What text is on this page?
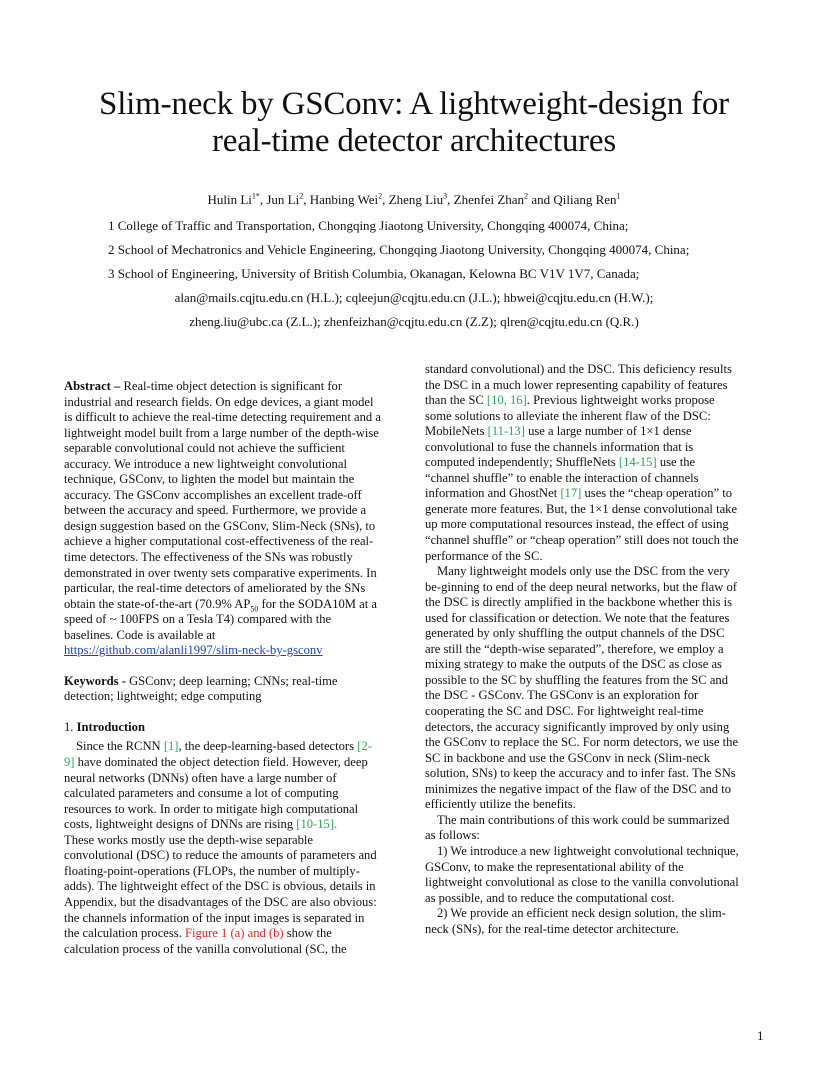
Slim-neck by GSConv: A lightweight-design for
real-time detector architectures
Hulin $Li^{1*}$, Jun Li$^2$, Hanbing Wei$^2$, Zheng Liu$^3$, Zhenfei Zhan$^2$ and Qiliang Ren$^1$
1 College of Traffic and Transportation, Chongqing Jiaotong University, Chongqing 400074, China;
2 School of Mechatronics and Vehicle Engineering, Chongqing Jiaotong University, Chongqing 400074, China;
3 School of Engineering, University of British Columbia, Okanagan, Kelowna BC V1V 1V7, Canada;
alan@mails.cqjtu.edu.cn (H.L.); cqleejun@cqjtu.edu.cn (J.L.); hbwei@cqjtu.edu.cn (H.W.);
zheng.liu@ubc.ca (Z.L.); zhenfeizhan@cqjtu.edu.cn (Z.Z); qlren@cqjtu.edu.cn (Q.R.)
Abstract – Real-time object detection is significant for
industrial and research fields. On edge devices, a giant model
is difficult to achieve the real-time detecting requirement and a
lightweight model built from a large number of the depth-wise
separable convolutional could not achieve the sufficient
accuracy. We introduce a new lightweight convolutional
technique, GSConv, to lighten the model but maintain the
accuracy. The GSConv accomplishes an excellent trade-off
between the accuracy and speed. Furthermore, we provide a
design suggestion based on the GSConv, Slim-Neck (SNs), to
achieve a higher computational cost-effectiveness of the real-
time detectors. The effectiveness of the SNs was robustly
demonstrated in over twenty sets comparative experiments. In
particular, the real-time detectors of ameliorated by the SNs
obtain the state-of-the-art (70.9% $AP_{50}$ for the SODA10M at a
speed of ~ 100FPS on a Tesla T4) compared with the
baselines. Code is available at
https://github.com/alanli1997/slim-neck-by-gsconv
Keywords - GSConv; deep learning; CNNs; real-time
detection; lightweight; edge computing
1. Introduction
Since the RCNN [1], the deep-learning-based detectors [2-
9] have dominated the object detection field. However, deep
neural networks (DNNs) often have a large number of
calculated parameters and consume a lot of computing
resources to work. In order to mitigate high computational
costs, lightweight designs of DNNs are rising [10-15].
These works mostly use the depth-wise separable
convolutional (DSC) to reduce the amounts of parameters and
floating-point-operations (FLOPs, the number of multiply-
adds). The lightweight effect of the DSC is obvious, details in
Appendix, but the disadvantages of the DSC are also obvious:
the channels information of the input images is separated in
the calculation process. Figure 1 (a) and (b) show the
calculation process of the vanilla convolutional (SC, the
standard convolutional) and the DSC. This deficiency results
the DSC in a much lower representing capability of features
than the SC [10, 16]. Previous lightweight works propose
some solutions to alleviate the inherent flaw of the DSC:
MobileNets [11-13] use a large number of 1×1 dense
convolutional to fuse the channels information that is
computed independently; ShuffleNets [14-15] use the
“channel shuffle” to enable the interaction of channels
information and GhostNet [17] uses the “cheap operation” to
generate more features. But, the 1×1 dense convolutional take
up more computational resources instead, the effect of using
“channel shuffle” or “cheap operation” still does not touch the
performance of the SC.
Many lightweight models only use the DSC from the very
be-ginning to end of the deep neural networks, but the flaw of
the DSC is directly amplified in the backbone whether this is
used for classification or detection. We note that the features
generated by only shuffling the output channels of the DSC
are still the “depth-wise separated”, therefore, we employ a
mixing strategy to make the outputs of the DSC as close as
possible to the SC by shuffling the features from the SC and
the DSC - GSConv. The GSConv is an exploration for
cooperating the SC and DSC. For lightweight real-time
detectors, the accuracy significantly improved by only using
the GSConv to replace the SC. For norm detectors, we use the
SC in backbone and use the GSConv in neck (Slim-neck
solution, SNs) to keep the accuracy and to infer fast. The SNs
minimizes the negative impact of the flaw of the DSC and to
efficiently utilize the benefits.
The main contributions of this work could be summarized
as follows:
1) We introduce a new lightweight convolutional technique,
GSConv, to make the representational ability of the
lightweight convolutional as close to the vanilla convolutional
as possible, and to reduce the computational cost.
2) We provide an efficient neck design solution, the slim-
neck (SNs), for the real-time detector architecture.
1
